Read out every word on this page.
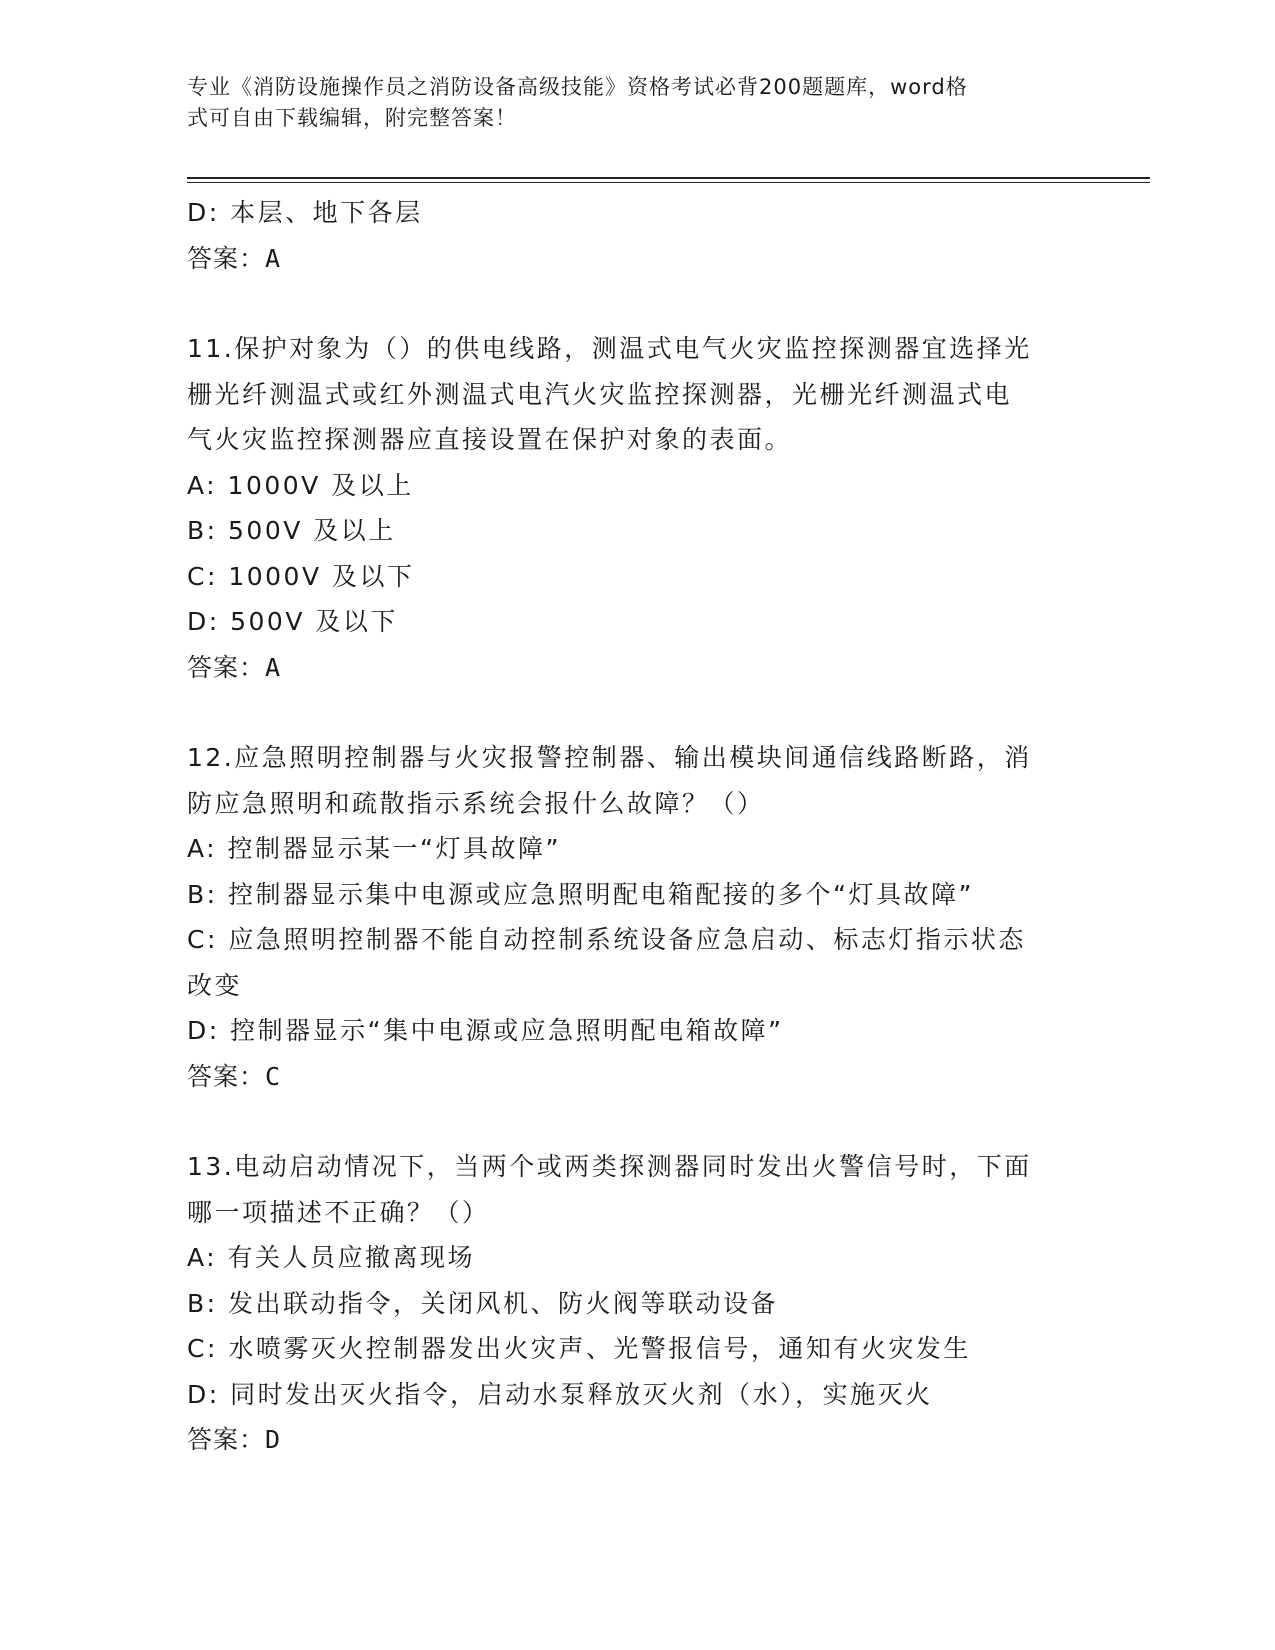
专业《消防设施操作员之消防设备高级技能》资格考试必背200题题库，word格
式可自由下载编辑，附完整答案！
D: 本层、地下各层
答案：A
11.保护对象为（）的供电线路，测温式电气火灾监控探测器宜选择光
栅光纤测温式或红外测温式电汽火灾监控探测器，光栅光纤测温式电
气火灾监控探测器应直接设置在保护对象的表面。
A: 1000V 及以上
B: 500V 及以上
C: 1000V 及以下
D: 500V 及以下
答案：A
12.应急照明控制器与火灾报警控制器、输出模块间通信线路断路，消
防应急照明和疏散指示系统会报什么故障？（）
A: 控制器显示某一“灯具故障”
B: 控制器显示集中电源或应急照明配电箱配接的多个“灯具故障”
C: 应急照明控制器不能自动控制系统设备应急启动、标志灯指示状态
改变
D: 控制器显示“集中电源或应急照明配电箱故障”
答案：C
13.电动启动情况下，当两个或两类探测器同时发出火警信号时，下面
哪一项描述不正确？（）
A: 有关人员应撤离现场
B: 发出联动指令，关闭风机、防火阀等联动设备
C: 水喷雾灭火控制器发出火灾声、光警报信号，通知有火灾发生
D: 同时发出灭火指令，启动水泵释放灭火剂（水），实施灭火
答案：D
